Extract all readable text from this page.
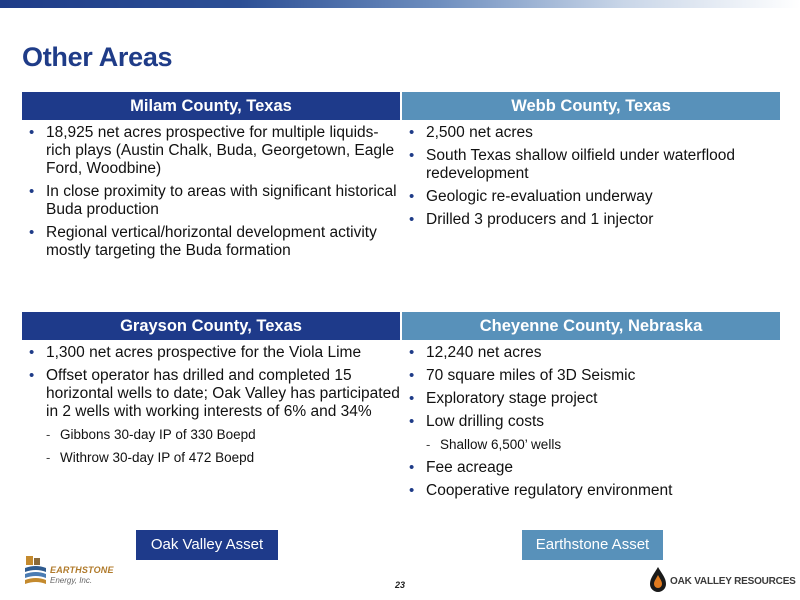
Other Areas
Milam County, Texas
• 18,925 net acres prospective for multiple liquids-rich plays (Austin Chalk, Buda, Georgetown, Eagle Ford, Woodbine)
• In close proximity to areas with significant historical Buda production
• Regional vertical/horizontal development activity mostly targeting the Buda formation
Webb County, Texas
• 2,500 net acres
• South Texas shallow oilfield under waterflood redevelopment
• Geologic re-evaluation underway
• Drilled 3 producers and 1 injector
Grayson County, Texas
• 1,300 net acres prospective for the Viola Lime
• Offset operator has drilled and completed 15 horizontal wells to date; Oak Valley has participated in 2 wells with working interests of 6% and 34%
- Gibbons 30-day IP of 330 Boepd
- Withrow 30-day IP of 472 Boepd
Cheyenne County, Nebraska
• 12,240 net acres
• 70 square miles of 3D Seismic
• Exploratory stage project
• Low drilling costs
- Shallow 6,500’ wells
• Fee acreage
• Cooperative regulatory environment
Oak Valley Asset	Earthstone Asset
EARTHSTONE
Energy, Inc.	23	OAK VALLEY RESOURCES
